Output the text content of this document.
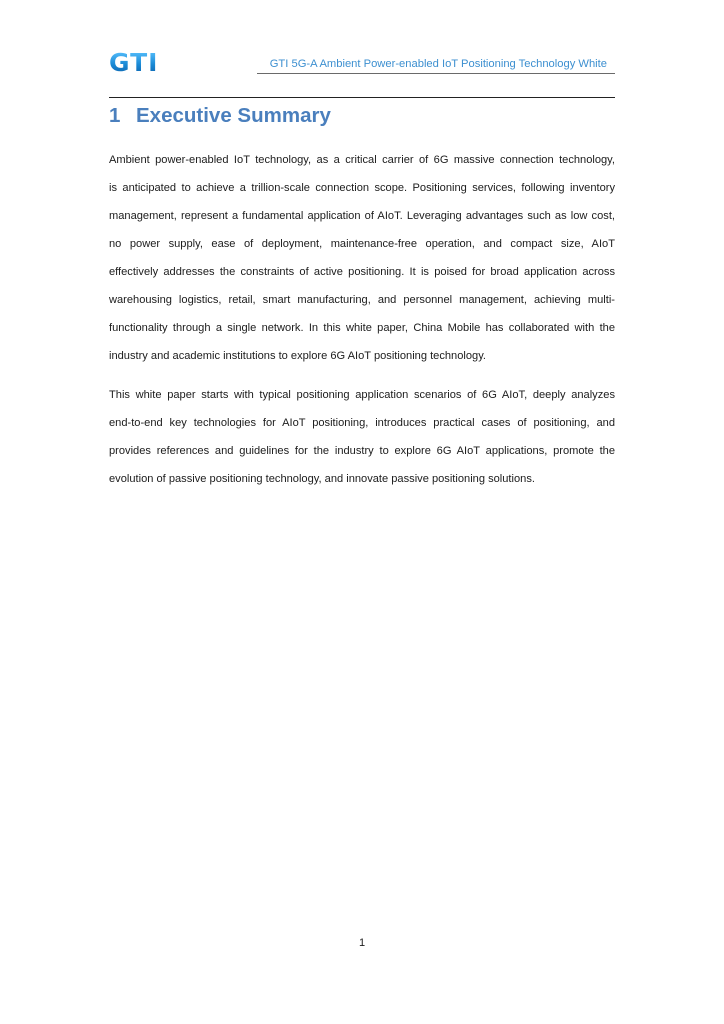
GTI	GTI 5G-A Ambient Power-enabled IoT Positioning Technology White
1 Executive Summary
Ambient power-enabled IoT technology, as a critical carrier of 6G massive connection technology,
is anticipated to achieve a trillion-scale connection scope. Positioning services, following inventory
management, represent a fundamental application of AIoT. Leveraging advantages such as low cost,
no power supply, ease of deployment, maintenance-free operation, and compact size, AIoT
effectively addresses the constraints of active positioning. It is poised for broad application across
warehousing logistics, retail, smart manufacturing, and personnel management, achieving multi-
functionality through a single network. In this white paper, China Mobile has collaborated with the
industry and academic institutions to explore 6G AIoT positioning technology.
This white paper starts with typical positioning application scenarios of 6G AIoT, deeply analyzes
end-to-end key technologies for AIoT positioning, introduces practical cases of positioning, and
provides references and guidelines for the industry to explore 6G AIoT applications, promote the
evolution of passive positioning technology, and innovate passive positioning solutions.
1
